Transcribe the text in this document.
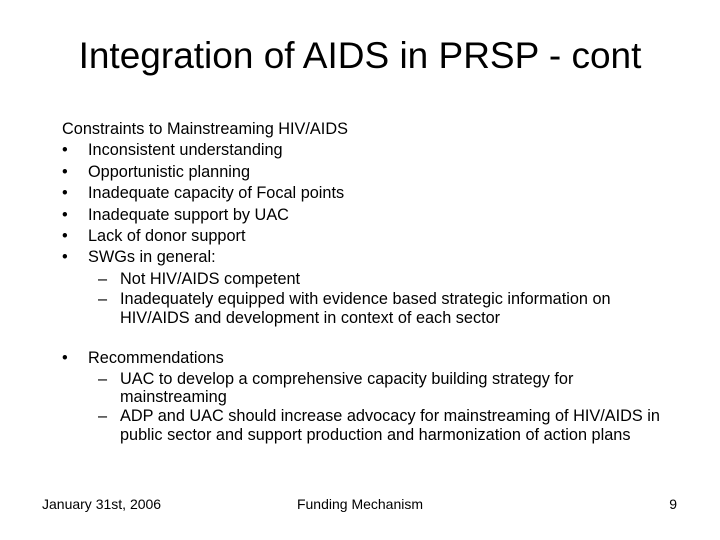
Integration of AIDS in PRSP - cont
Constraints to Mainstreaming HIV/AIDS
• Inconsistent understanding
• Opportunistic planning
• Inadequate capacity of Focal points
• Inadequate support by UAC
• Lack of donor support
• SWGs in general:
– Not HIV/AIDS competent
– Inadequately equipped with evidence based strategic information on HIV/AIDS and development in context of each sector
• Recommendations
– UAC to develop a comprehensive capacity building strategy for mainstreaming
– ADP and UAC should increase advocacy for mainstreaming of HIV/AIDS in public sector and support production and harmonization of action plans
January 31st, 2006	Funding Mechanism	9
